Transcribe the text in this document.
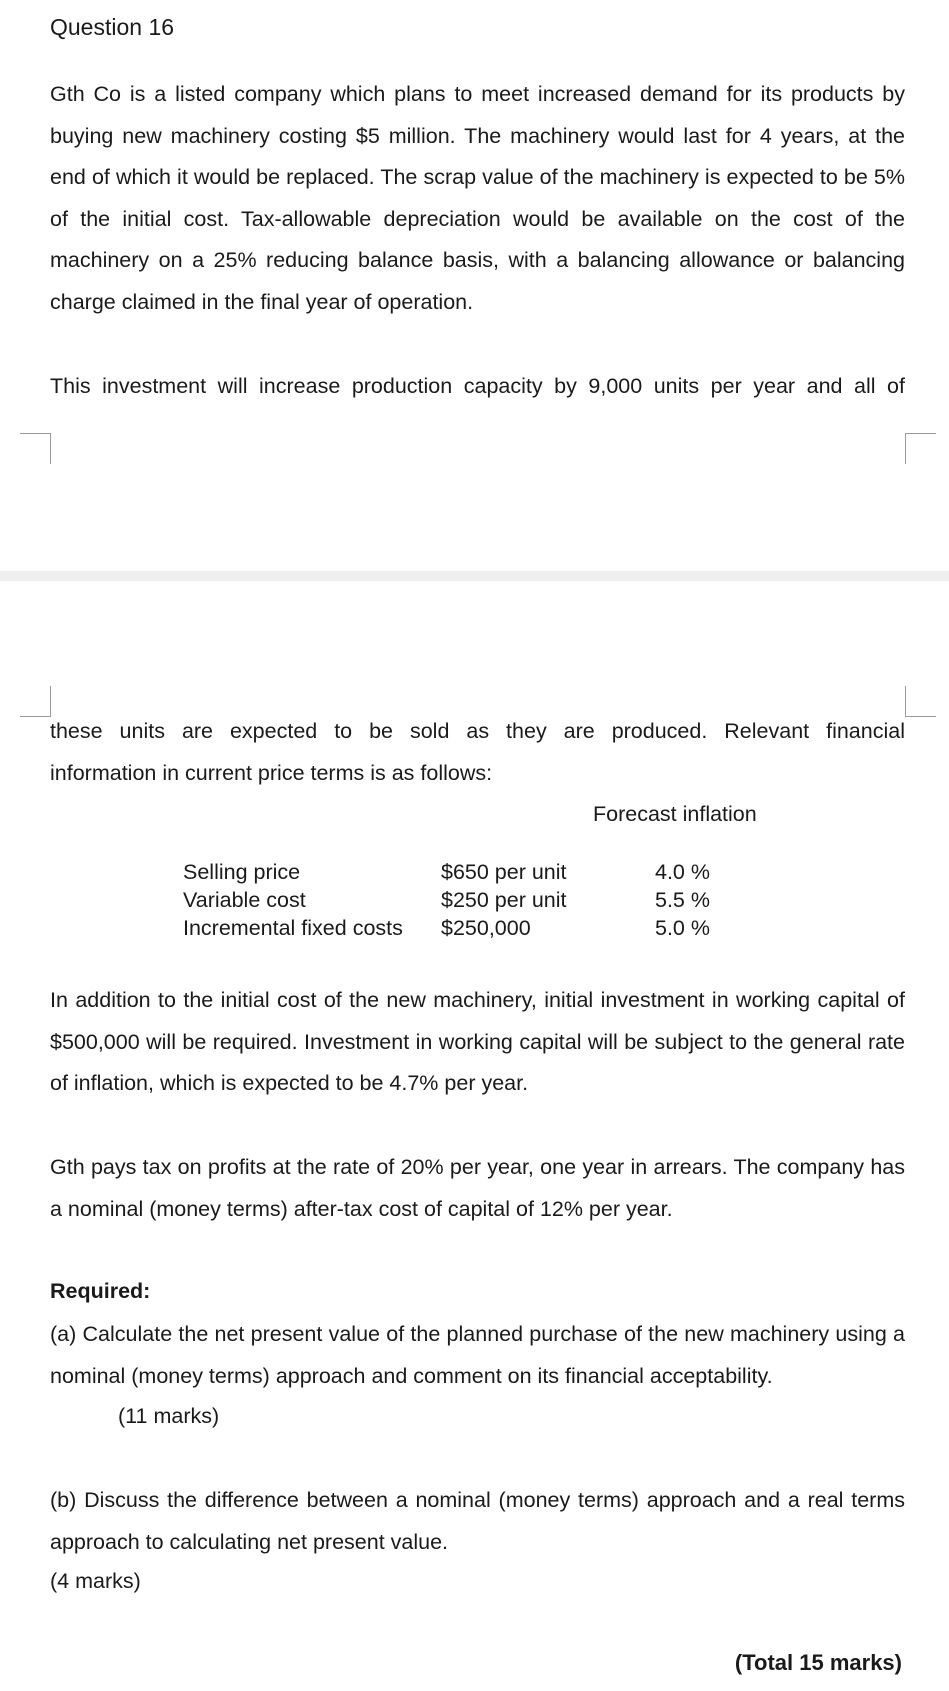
Question 16

Gth Co is a listed company which plans to meet increased demand for its products by buying new machinery costing $5 million. The machinery would last for 4 years, at the end of which it would be replaced. The scrap value of the machinery is expected to be 5% of the initial cost. Tax-allowable depreciation would be available on the cost of the machinery on a 25% reducing balance basis, with a balancing allowance or balancing charge claimed in the final year of operation.

This investment will increase production capacity by 9,000 units per year and all of

these units are expected to be sold as they are produced. Relevant financial

information in current price terms is as follows:

Forecast inflation
Selling price	$650 per unit	4.0 %
Variable cost	$250 per unit	5.5 %
Incremental fixed costs	$250,000	5.0 %

In addition to the initial cost of the new machinery, initial investment in working capital of $500,000 will be required. Investment in working capital will be subject to the general rate of inflation, which is expected to be 4.7% per year.

Gth pays tax on profits at the rate of 20% per year, one year in arrears. The company has a nominal (money terms) after-tax cost of capital of 12% per year.

Required:

(a) Calculate the net present value of the planned purchase of the new machinery using a nominal (money terms) approach and comment on its financial acceptability.

(11 marks)

(b) Discuss the difference between a nominal (money terms) approach and a real terms approach to calculating net present value.

(4 marks)

(Total 15 marks)
